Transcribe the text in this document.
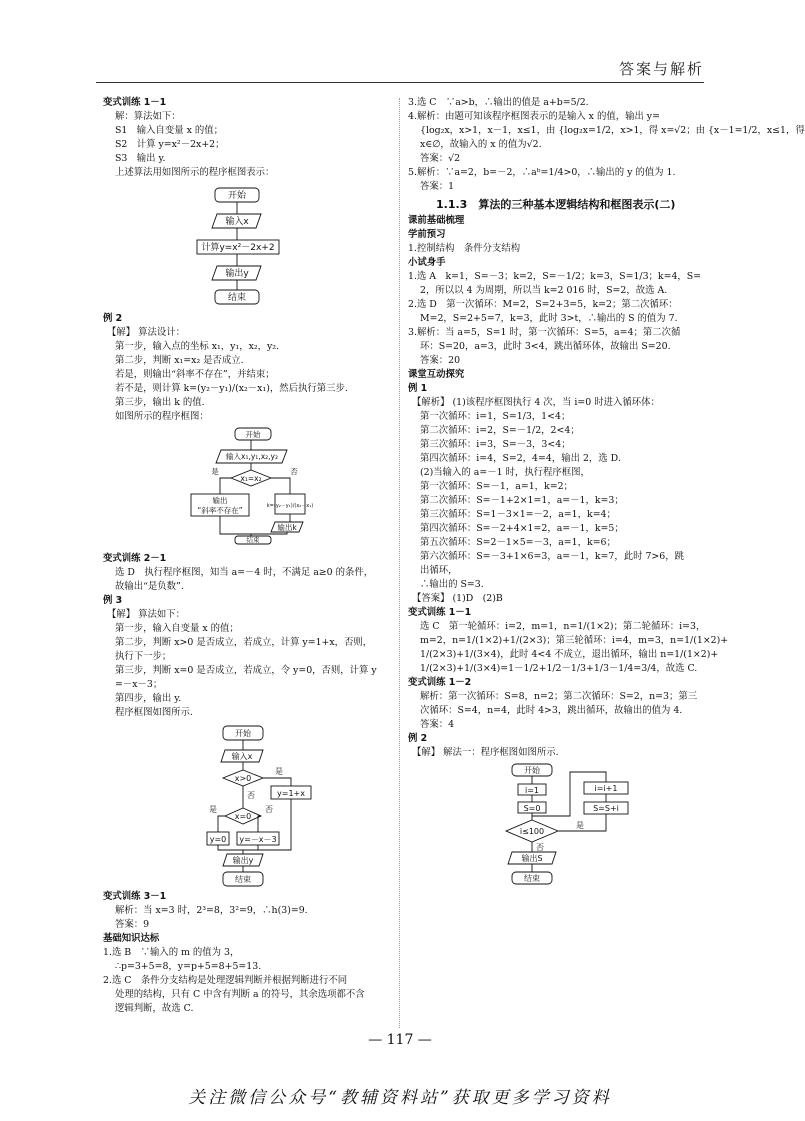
答案与解析
变式训练 1－1
解：算法如下：
S1　输入自变量 x 的值；
S2　计算 y=x²－2x+2；
S3　输出 y.
上述算法用如图所示的程序框图表示：
开始
输入x
计算y=x²－2x+2
输出y
结束
例 2
【解】 算法设计：
第一步，输入点的坐标 x₁，y₁，x₂，y₂.
第二步，判断 x₁=x₂ 是否成立.
若是，则输出“斜率不存在”，并结束；
若不是，则计算 k=(y₂－y₁)/(x₂－x₁)，然后执行第三步.
第三步，输出 k 的值.
如图所示的程序框图：
开始
输入x₁,y₁,x₂,y₂
x₁=x₂
是	否
输出
“斜率不存在”	k=(y₂－y₁)/(x₂－x₁)
输出k
结束
变式训练 2－1
选 D　执行程序框图，知当 a=－4 时，不满足 a≥0 的条件，
故输出“是负数”.
例 3
【解】 算法如下：
第一步，输入自变量 x 的值；
第二步，判断 x>0 是否成立，若成立，计算 y=1+x，否则，
执行下一步；
第三步，判断 x=0 是否成立，若成立，令 y=0，否则，计算 y
=－x－3；
第四步，输出 y.
程序框图如图所示.
开始
输入x
x>0
是
y=1+x
否
x=0
是	否
y=0 y=－x－3
输出y
结束
变式训练 3－1
解析：当 x=3 时，2³=8，3²=9，∴h(3)=9.
答案：9
基础知识达标
1.选 B　∵输入的 m 的值为 3，
∴p=3+5=8，y=p+5=8+5=13.
2.选 C　条件分支结构是处理逻辑判断并根据判断进行不同
处理的结构，只有 C 中含有判断 a 的符号，其余选项都不含
逻辑判断，故选 C.
3.选 C　∵a>b，∴输出的值是 a+b=5/2.
4.解析：由题可知该程序框图表示的是输入 x 的值，输出 y=
{log₂x，x>1，x－1，x≤1，由 {log₂x=1/2，x>1，得 x=√2；由 {x－1=1/2，x≤1，得
x∈∅，故输入的 x 的值为√2.
答案：√2
5.解析：∵a=2，b=－2，∴aᵇ=1/4>0，∴输出的 y 的值为 1.
答案：1
1.1.3　算法的三种基本逻辑结构和框图表示(二)
课前基础梳理
学前预习
1.控制结构　条件分支结构
小试身手
1.选 A　k=1，S=－3；k=2，S=－1/2；k=3，S=1/3；k=4，S=
2，所以以 4 为周期，所以当 k=2 016 时，S=2，故选 A.
2.选 D　第一次循环：M=2，S=2+3=5，k=2；第二次循环：
M=2，S=2+5=7，k=3，此时 3>t，∴输出的 S 的值为 7.
3.解析：当 a=5，S=1 时，第一次循环：S=5，a=4；第二次循
环：S=20，a=3，此时 3<4，跳出循环体，故输出 S=20.
答案：20
课堂互动探究
例 1
【解析】 (1)该程序框图执行 4 次，当 i=0 时进入循环体：
第一次循环：i=1，S=1/3，1<4；
第二次循环：i=2，S=－1/2，2<4；
第三次循环：i=3，S=－3，3<4；
第四次循环：i=4，S=2，4=4，输出 2，选 D.
(2)当输入的 a=－1 时，执行程序框图，
第一次循环：S=－1，a=1，k=2；
第二次循环：S=－1+2×1=1，a=－1，k=3；
第三次循环：S=1－3×1=－2，a=1，k=4；
第四次循环：S=－2+4×1=2，a=－1，k=5；
第五次循环：S=2－1×5=－3，a=1，k=6；
第六次循环：S=－3+1×6=3，a=－1，k=7，此时 7>6，跳
出循环，
∴输出的 S=3.
【答案】 (1)D　(2)B
变式训练 1－1
选 C　第一轮循环：i=2，m=1，n=1/(1×2)；第二轮循环：i=3，
m=2，n=1/(1×2)+1/(2×3)；第三轮循环：i=4，m=3，n=1/(1×2)+
1/(2×3)+1/(3×4)，此时 4<4 不成立，退出循环，输出 n=1/(1×2)+
1/(2×3)+1/(3×4)=1－1/2+1/2－1/3+1/3－1/4=3/4，故选 C.
变式训练 1－2
解析：第一次循环：S=8，n=2；第二次循环：S=2，n=3；第三
次循环：S=4，n=4，此时 4>3，跳出循环，故输出的值为 4.
答案：4
例 2
【解】 解法一：程序框图如图所示.
开始
i=1
S=0
i≤100
是
S=S+i
i=i+1
否
输出S
结束
— 117 —
关注微信公众号“教辅资料站”获取更多学习资料
